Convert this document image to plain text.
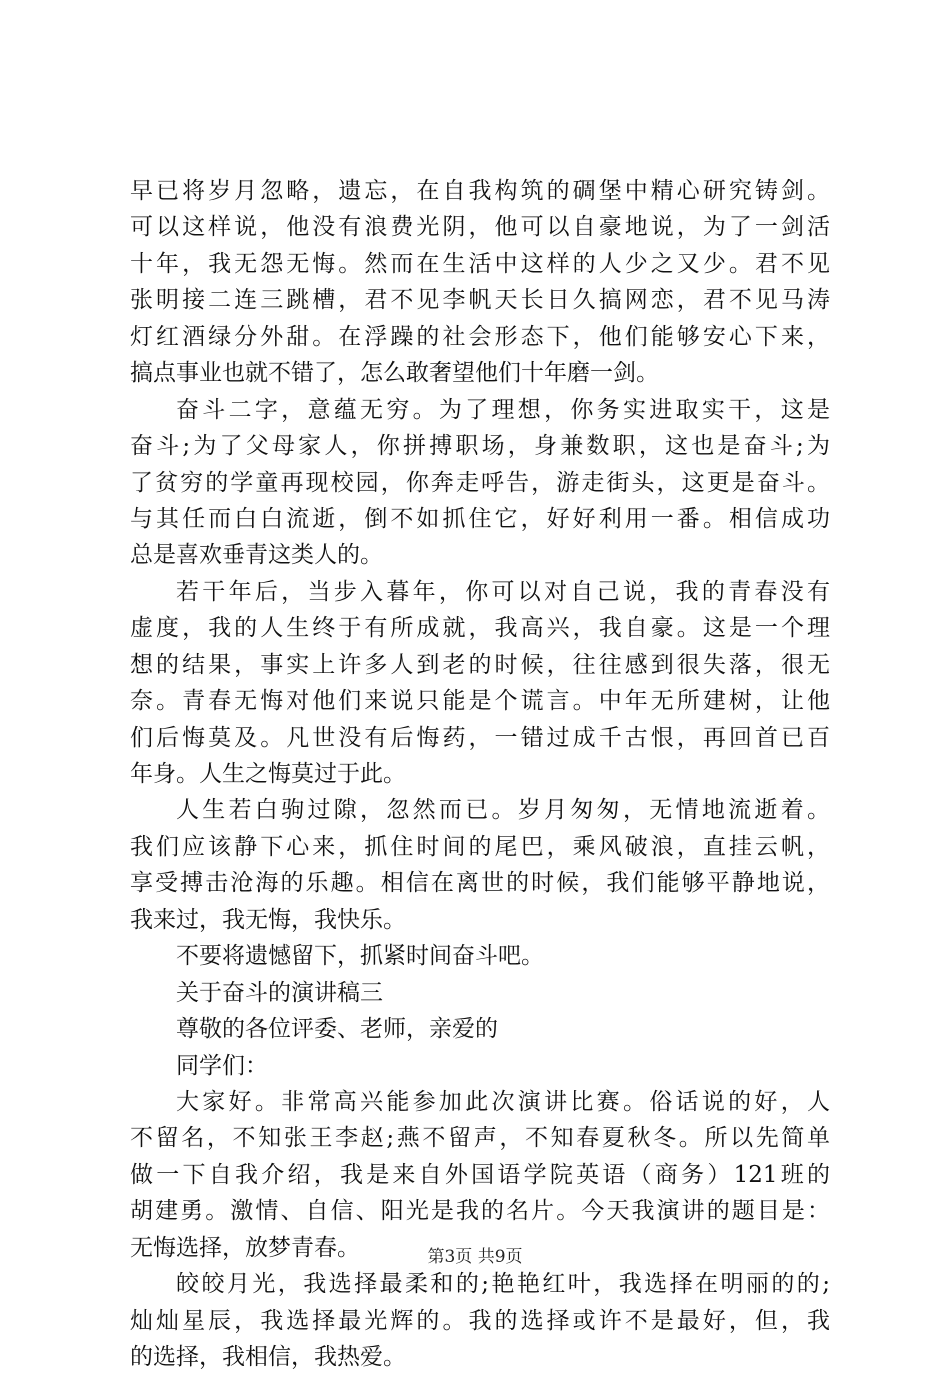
早已将岁月忽略，遗忘，在自我构筑的碉堡中精心研究铸剑。
可以这样说，他没有浪费光阴，他可以自豪地说，为了一剑活
十年，我无怨无悔。然而在生活中这样的人少之又少。君不见
张明接二连三跳槽，君不见李帆天长日久搞网恋，君不见马涛
灯红酒绿分外甜。在浮躁的社会形态下，他们能够安心下来，
搞点事业也就不错了，怎么敢奢望他们十年磨一剑。
奋斗二字，意蕴无穷。为了理想，你务实进取实干，这是
奋斗;为了父母家人，你拼搏职场，身兼数职，这也是奋斗;为
了贫穷的学童再现校园，你奔走呼告，游走街头，这更是奋斗。
与其任而白白流逝，倒不如抓住它，好好利用一番。相信成功
总是喜欢垂青这类人的。
若干年后，当步入暮年，你可以对自己说，我的青春没有
虚度，我的人生终于有所成就，我高兴，我自豪。这是一个理
想的结果，事实上许多人到老的时候，往往感到很失落，很无
奈。青春无悔对他们来说只能是个谎言。中年无所建树，让他
们后悔莫及。凡世没有后悔药，一错过成千古恨，再回首已百
年身。人生之悔莫过于此。
人生若白驹过隙，忽然而已。岁月匆匆，无情地流逝着。
我们应该静下心来，抓住时间的尾巴，乘风破浪，直挂云帆，
享受搏击沧海的乐趣。相信在离世的时候，我们能够平静地说，
我来过，我无悔，我快乐。
不要将遗憾留下，抓紧时间奋斗吧。
关于奋斗的演讲稿三
尊敬的各位评委、老师，亲爱的
同学们：
大家好。非常高兴能参加此次演讲比赛。俗话说的好，人
不留名，不知张王李赵;燕不留声，不知春夏秋冬。所以先简单
做一下自我介绍，我是来自外国语学院英语（商务）121班的
胡建勇。激情、自信、阳光是我的名片。今天我演讲的题目是：
无悔选择，放梦青春。
皎皎月光，我选择最柔和的;艳艳红叶，我选择在明丽的的;
灿灿星辰，我选择最光辉的。我的选择或许不是最好，但，我
的选择，我相信，我热爱。
第3页 共9页
